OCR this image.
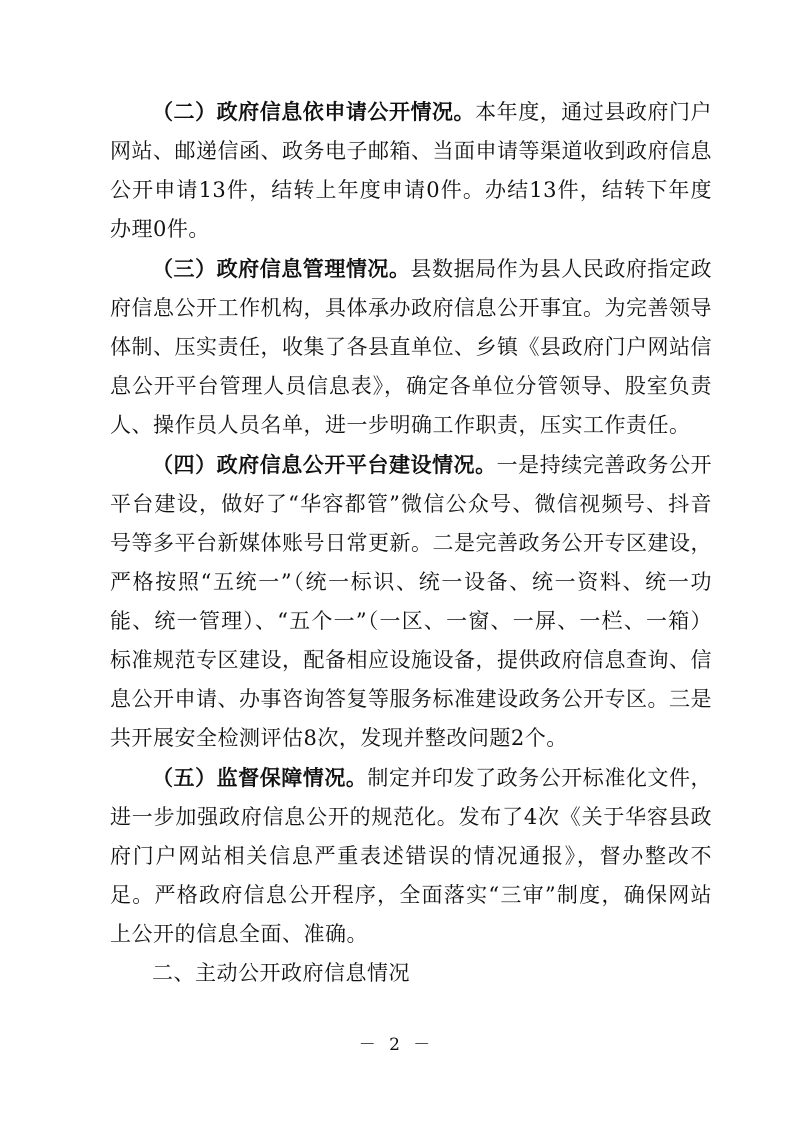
（二）政府信息依申请公开情况。本年度，通过县政府门户网站、邮递信函、政务电子邮箱、当面申请等渠道收到政府信息公开申请13件，结转上年度申请0件。办结13件，结转下年度办理0件。

（三）政府信息管理情况。县数据局作为县人民政府指定政府信息公开工作机构，具体承办政府信息公开事宜。为完善领导体制、压实责任，收集了各县直单位、乡镇《县政府门户网站信息公开平台管理人员信息表》，确定各单位分管领导、股室负责人、操作员人员名单，进一步明确工作职责，压实工作责任。

（四）政府信息公开平台建设情况。一是持续完善政务公开平台建设，做好了“华容都管”微信公众号、微信视频号、抖音号等多平台新媒体账号日常更新。二是完善政务公开专区建设，严格按照“五统一”（统一标识、统一设备、统一资料、统一功能、统一管理）、“五个一”（一区、一窗、一屏、一栏、一箱）标准规范专区建设，配备相应设施设备，提供政府信息查询、信息公开申请、办事咨询答复等服务标准建设政务公开专区。三是共开展安全检测评估8次，发现并整改问题2个。

（五）监督保障情况。制定并印发了政务公开标准化文件，进一步加强政府信息公开的规范化。发布了4次《关于华容县政府门户网站相关信息严重表述错误的情况通报》，督办整改不足。严格政府信息公开程序，全面落实“三审”制度，确保网站上公开的信息全面、准确。

二、主动公开政府信息情况

－ 2 －
